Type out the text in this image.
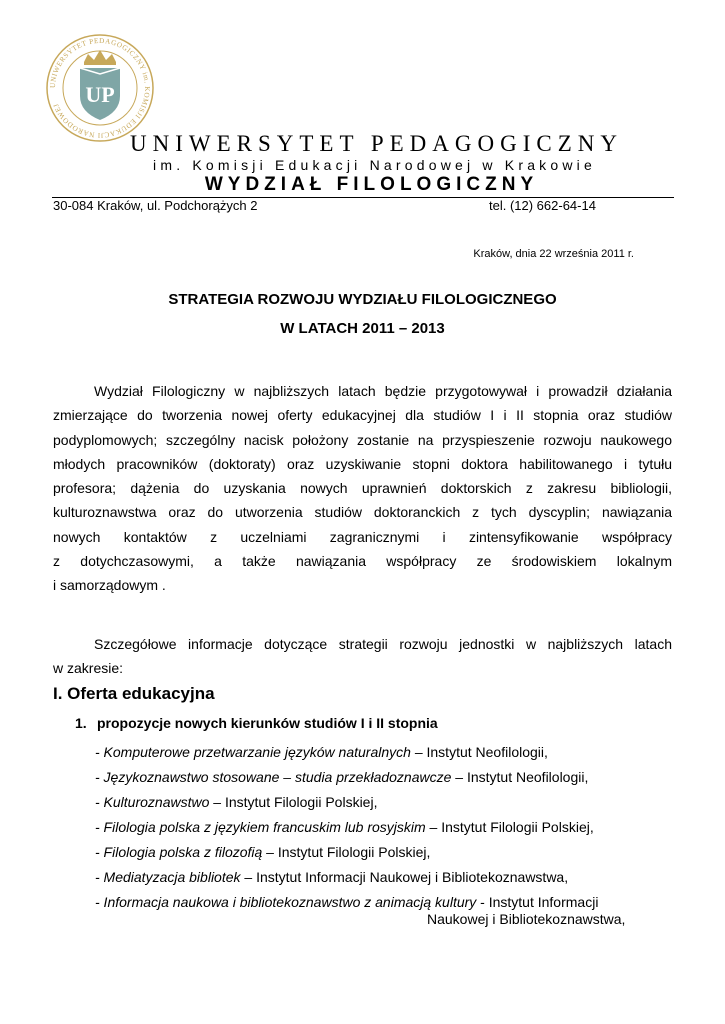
UNIWERSYTET PEDAGOGICZNY im. KOMISJI EDUKACJI NARODOWEJ	UP
UNIWERSYTET PEDAGOGICZNY
im. Komisji Edukacji Narodowej w Krakowie
WYDZIAŁ FILOLOGICZNY
30-084 Kraków, ul. Podchorążych 2	tel. (12) 662-64-14
Kraków, dnia 22 września 2011 r.
STRATEGIA ROZWOJU WYDZIAŁU FILOLOGICZNEGO
W LATACH 2011 – 2013

Wydział Filologiczny w najbliższych latach będzie przygotowywał i prowadził działania

zmierzające do tworzenia nowej oferty edukacyjnej dla studiów I i II stopnia oraz studiów

podyplomowych; szczególny nacisk położony zostanie na przyspieszenie rozwoju naukowego

młodych pracowników (doktoraty) oraz uzyskiwanie stopni doktora habilitowanego i tytułu

profesora; dążenia do uzyskania nowych uprawnień doktorskich z zakresu bibliologii,

kulturoznawstwa oraz do utworzenia studiów doktoranckich z tych dyscyplin; nawiązania

nowych kontaktów z uczelniami zagranicznymi i zintensyfikowanie współpracy

z dotychczasowymi, a także nawiązania współpracy ze środowiskiem lokalnym

i samorządowym .

Szczegółowe informacje dotyczące strategii rozwoju jednostki w najbliższych latach

w zakresie:

I. Oferta edukacyjna
1. propozycje nowych kierunków studiów I i II stopnia
- Komputerowe przetwarzanie języków naturalnych – Instytut Neofilologii,
- Językoznawstwo stosowane – studia przekładoznawcze – Instytut Neofilologii,
- Kulturoznawstwo – Instytut Filologii Polskiej,
- Filologia polska z językiem francuskim lub rosyjskim – Instytut Filologii Polskiej,
- Filologia polska z filozofią – Instytut Filologii Polskiej,
- Mediatyzacja bibliotek – Instytut Informacji Naukowej i Bibliotekoznawstwa,
- Informacja naukowa i bibliotekoznawstwo z animacją kultury - Instytut Informacji
Naukowej i Bibliotekoznawstwa,
